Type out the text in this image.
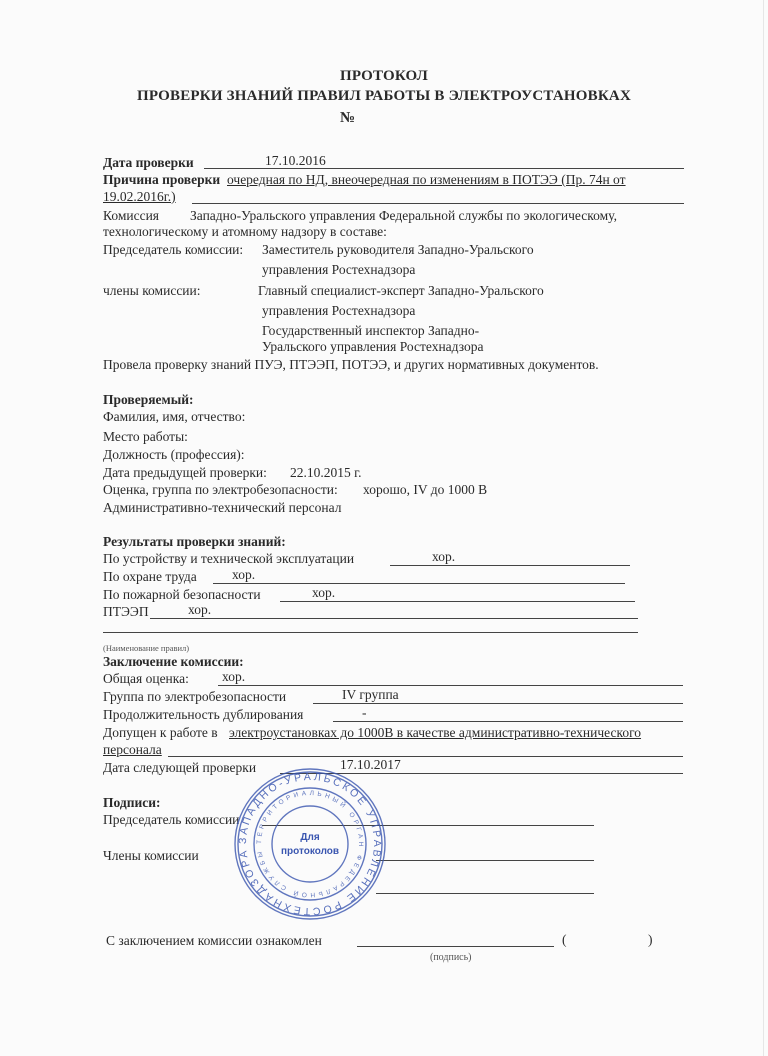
ПРОТОКОЛ
ПРОВЕРКИ ЗНАНИЙ ПРАВИЛ РАБОТЫ В ЭЛЕКТРОУСТАНОВКАХ
№
Дата проверки	17.10.2016
Причина проверки очередная по НД, внеочередная по изменениям в ПОТЭЭ (Пр. 74н от
19.02.2016г.)
Комиссия Западно-Уральского управления Федеральной службы по экологическому,
технологическому и атомному надзору в составе:
Председатель комиссии: Заместитель руководителя Западно-Уральского
управления Ростехнадзора
члены комиссии:	Главный специалист-эксперт Западно-Уральского
управления Ростехнадзора
Государственный инспектор Западно-
Уральского управления Ростехнадзора
Провела проверку знаний ПУЭ, ПТЭЭП, ПОТЭЭ, и других нормативных документов.
Проверяемый:
Фамилия, имя, отчество:
Место работы:
Должность (профессия):
Дата предыдущей проверки: 22.10.2015 г.
Оценка, группа по электробезопасности: хорошо, IV до 1000 В
Административно-технический персонал
Результаты проверки знаний:
По устройству и технической эксплуатации	хор.
По охране труда	хор.
По пожарной безопасности	хор.
ПТЭЭП	хор.
(Наименование правил)
Заключение комиссии:
Общая оценка: хор.
Группа по электробезопасности	IV группа
Продолжительность дублирования	-
Допущен к работе в электроустановках до 1000В в качестве административно-технического
персонала
Дата следующей проверки	17.10.2017
Подписи:
Председатель комиссии
Члены комиссии
С заключением комиссии ознакомлен	(	)
(подпись)
ЗАПАДНО-УРАЛЬСКОЕ УПРАВЛЕНИЕ РОСТЕХНАДЗОРА
ТЕРРИТОРИАЛЬНЫЙ ОРГАН ФЕДЕРАЛЬНОЙ СЛУЖБЫ
Для
протоколов
